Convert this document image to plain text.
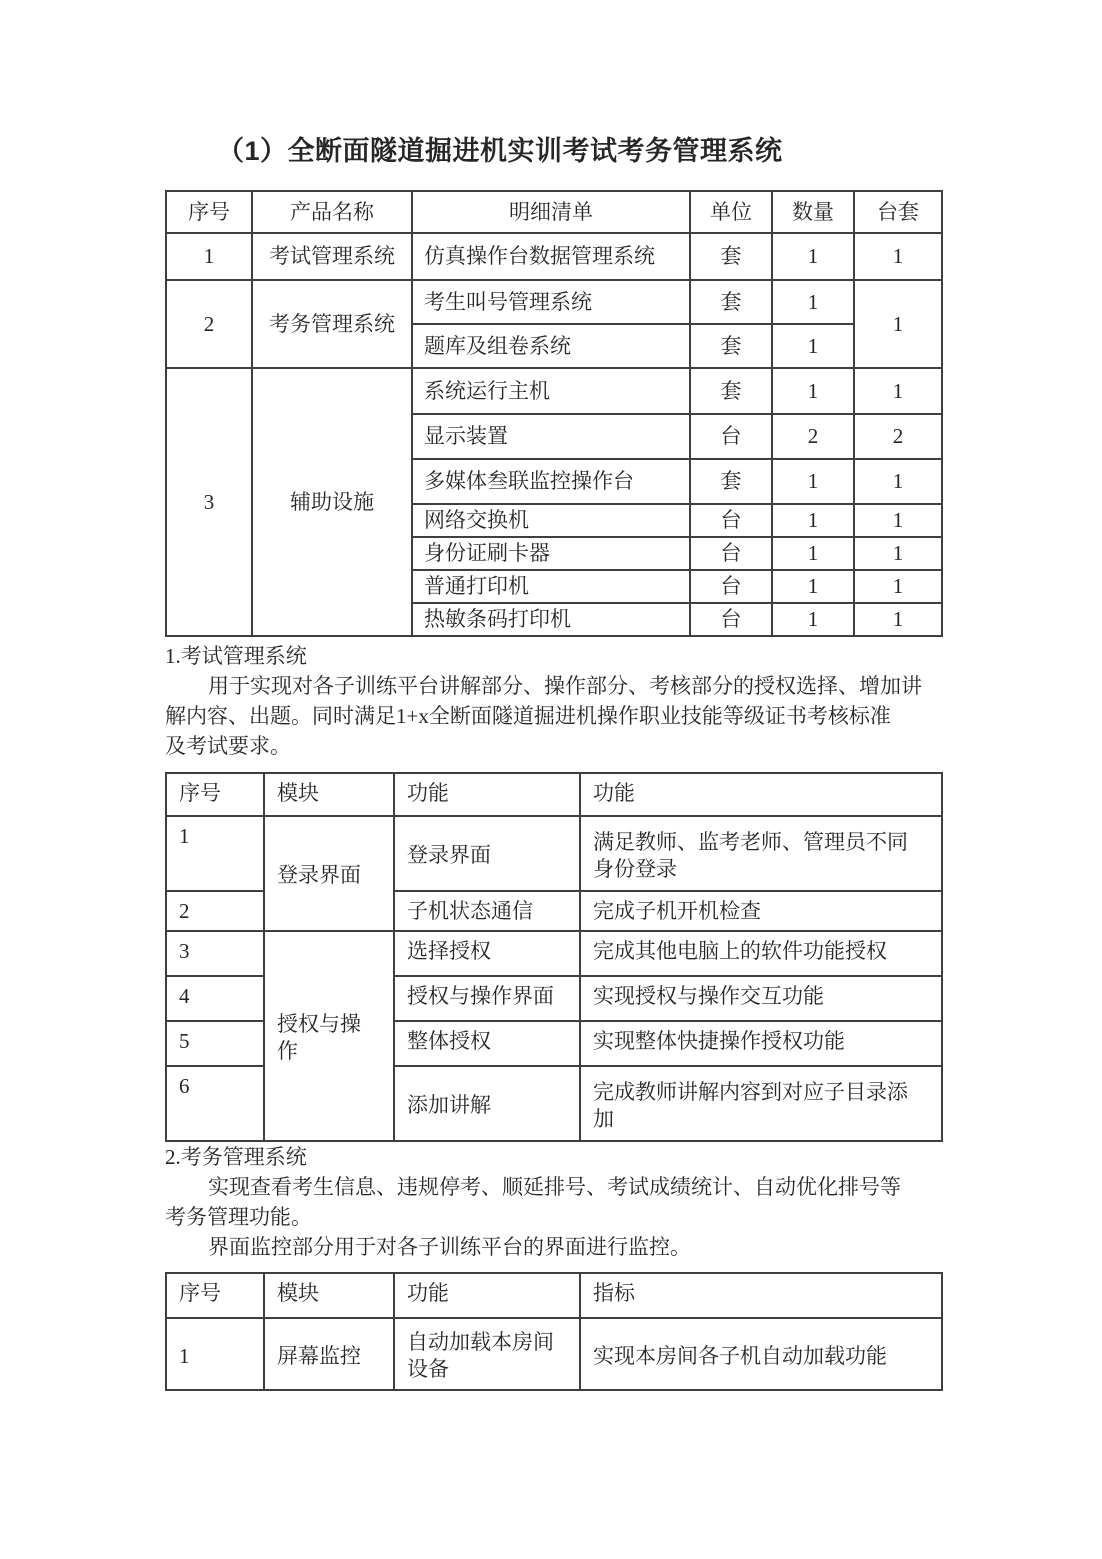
（1）全断面隧道掘进机实训考试考务管理系统
序号	产品名称	明细清单	单位	数量	台套
1	考试管理系统	仿真操作台数据管理系统	套	1	1
2	考务管理系统	考生叫号管理系统	套	1	1
		题库及组卷系统	套	1	
3	辅助设施	系统运行主机	套	1	1
		显示装置	台	2	2
		多媒体叁联监控操作台	套	1	1
		网络交换机	台	1	1
		身份证刷卡器	台	1	1
		普通打印机	台	1	1
		热敏条码打印机	台	1	1
1.考试管理系统
用于实现对各子训练平台讲解部分、操作部分、考核部分的授权选择、增加讲
解内容、出题。同时满足1+x全断面隧道掘进机操作职业技能等级证书考核标准
及考试要求。
序号	模块	功能	功能
1	登录界面	登录界面	满足教师、监考老师、管理员不同身份登录
2		子机状态通信	完成子机开机检查
3	授权与操作	选择授权	完成其他电脑上的软件功能授权
4		授权与操作界面	实现授权与操作交互功能
5		整体授权	实现整体快捷操作授权功能
6		添加讲解	完成教师讲解内容到对应子目录添加
2.考务管理系统
实现查看考生信息、违规停考、顺延排号、考试成绩统计、自动优化排号等
考务管理功能。
界面监控部分用于对各子训练平台的界面进行监控。
序号	模块	功能	指标
1	屏幕监控	自动加载本房间设备	实现本房间各子机自动加载功能
